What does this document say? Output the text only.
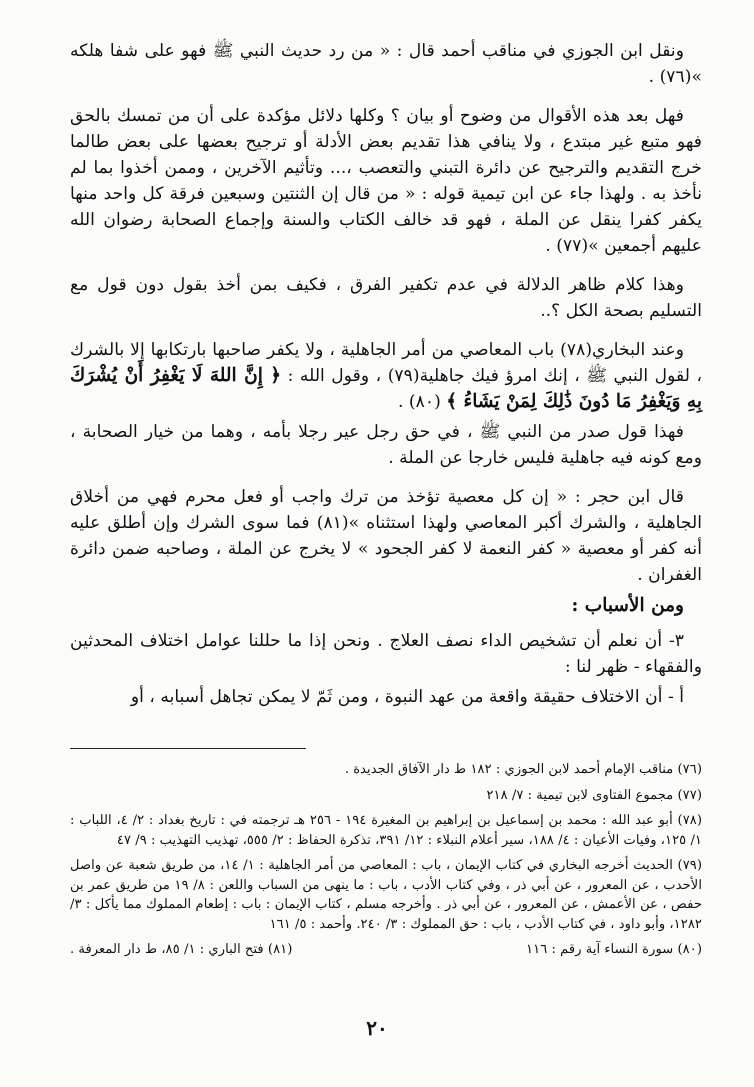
ونقل ابن الجوزي في مناقب أحمد قال : « من رد حديث النبي ﷺ فهو على شفا هلكه »(٧٦) .

فهل بعد هذه الأقوال من وضوح أو بيان ؟ وكلها دلائل مؤكدة على أن من تمسك بالحق فهو متبع غير مبتدع ، ولا ينافي هذا تقديم بعض الأدلة أو ترجيح بعضها على بعض طالما خرج التقديم والترجيح عن دائرة التبني والتعصب ،... وتأثيم الآخرين ، وممن أخذوا بما لم نأخذ به . ولهذا جاء عن ابن تيمية قوله : « من قال إن الثنتين وسبعين فرقة كل واحد منها يكفر كفرا ينقل عن الملة ، فهو قد خالف الكتاب والسنة وإجماع الصحابة رضوان الله عليهم أجمعين »(٧٧) .

وهذا كلام ظاهر الدلالة في عدم تكفير الفرق ، فكيف بمن أخذ بقول دون قول مع التسليم بصحة الكل ؟..

وعند البخاري(٧٨) باب المعاصي من أمر الجاهلية ، ولا يكفر صاحبها بارتكابها إلا بالشرك ، لقول النبي ﷺ ، إنك امرؤ فيك جاهلية(٧٩) ، وقول الله : ﴿ إِنَّ اللهَ لَا يَغْفِرُ أَنْ يُشْرَكَ بِهِ وَيَغْفِرُ مَا دُونَ ذَٰلِكَ لِمَنْ يَشَاءُ ﴾ (٨٠) .

فهذا قول صدر من النبي ﷺ ، في حق رجل عير رجلا بأمه ، وهما من خيار الصحابة ، ومع كونه فيه جاهلية فليس خارجا عن الملة .

قال ابن حجر : « إن كل معصية تؤخذ من ترك واجب أو فعل محرم فهي من أخلاق الجاهلية ، والشرك أكبر المعاصي ولهذا استثناه »(٨١) فما سوى الشرك وإن أطلق عليه أنه كفر أو معصية « كفر النعمة لا كفر الجحود » لا يخرج عن الملة ، وصاحبه ضمن دائرة الغفران .

ومن الأسباب :

٣- أن نعلم أن تشخيص الداء نصف العلاج . ونحن إذا ما حللنا عوامل اختلاف المحدثين والفقهاء - ظهر لنا :

أ - أن الاختلاف حقيقة واقعة من عهد النبوة ، ومن ثَمّ لا يمكن تجاهل أسبابه ، أو

(٧٦) مناقب الإمام أحمد لابن الجوزي : ١٨٢ ط دار الآفاق الجديدة .

(٧٧) مجموع الفتاوى لابن تيمية : ٧/ ٢١٨

(٧٨) أبو عبد الله : محمد بن إسماعيل بن إبراهيم بن المغيرة ١٩٤ - ٢٥٦ هـ ترجمته في : تاريخ بغداد : ٢/ ٤، اللباب : ١/ ١٢٥، وفيات الأعيان : ٤/ ١٨٨، سير أعلام النبلاء : ١٢/ ٣٩١، تذكرة الحفاظ : ٢/ ٥٥٥، تهذيب التهذيب : ٩/ ٤٧

(٧٩) الحديث أخرجه البخاري في كتاب الإيمان ، باب : المعاصي من أمر الجاهلية : ١/ ١٤، من طريق شعبة عن واصل الأحدب ، عن المعرور ، عن أبي ذر ، وفي كتاب الأدب ، باب : ما ينهى من السباب واللعن : ٨/ ١٩ من طريق عمر بن حفص ، عن الأعمش ، عن المعرور ، عن أبي ذر . وأخرجه مسلم ، كتاب الإيمان : باب : إطعام المملوك مما يأكل : ٣/ ١٢٨٢، وأبو داود ، في كتاب الأدب ، باب : حق المملوك : ٣/ ٢٤٠. وأحمد : ٥/ ١٦١

(٨٠) سورة النساء آية رقم : ١١٦
(٨١) فتح الباري : ١/ ٨٥، ط دار المعرفة .
٢٠
